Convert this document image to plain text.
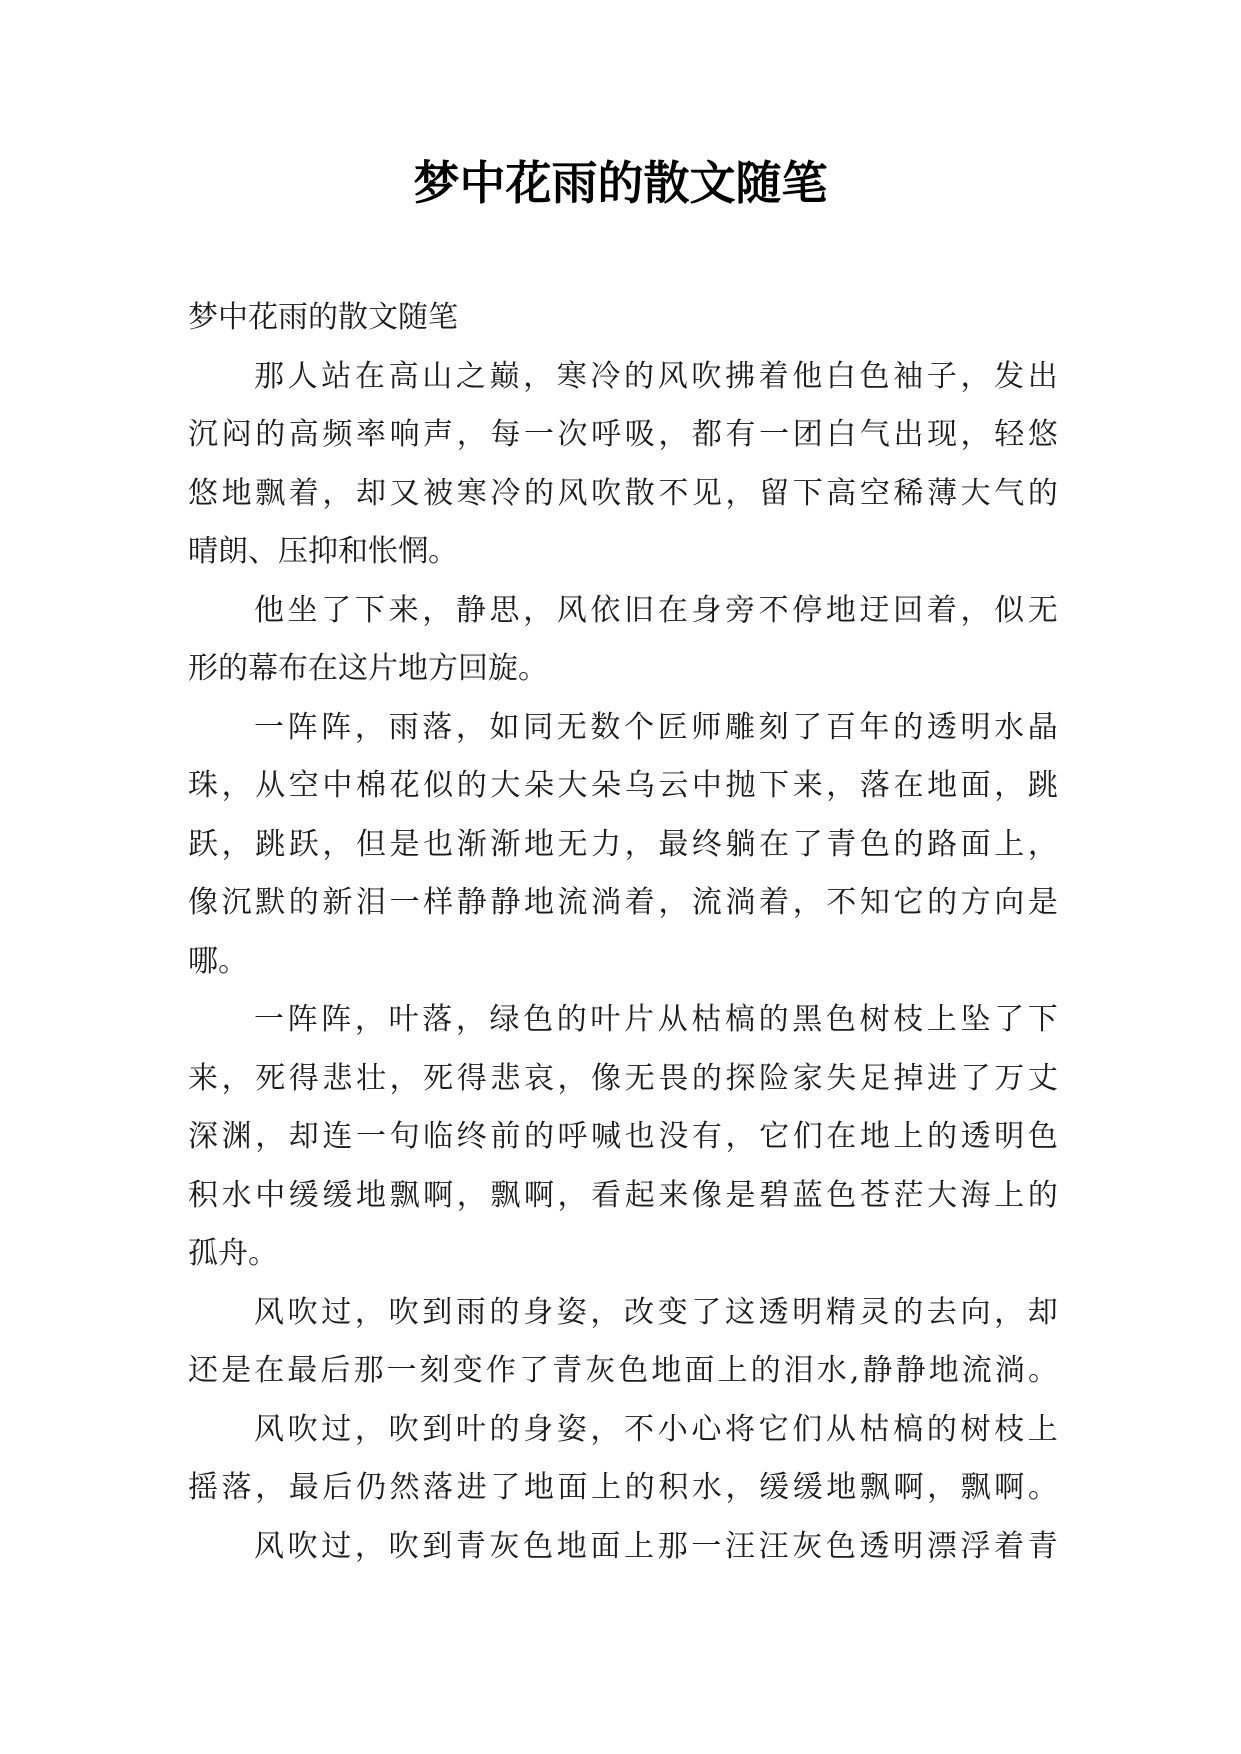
梦中花雨的散文随笔
梦 中 花 雨 的 散 文 随 笔
那 人 站 在 高 山 之 巅 ， 寒 冷 的 风 吹 拂 着 他 白 色 袖 子 ， 发 出
沉 闷 的 高 频 率 响 声 ， 每 一 次 呼 吸 ， 都 有 一 团 白 气 出 现 ， 轻 悠
悠 地 飘 着 ， 却 又 被 寒 冷 的 风 吹 散 不 见 ， 留 下 高 空 稀 薄 大 气 的
晴 朗 、 压 抑 和 怅 惘 。
他 坐 了 下 来 ， 静 思 ， 风 依 旧 在 身 旁 不 停 地 迂 回 着 ， 似 无
形 的 幕 布 在 这 片 地 方 回 旋 。
一 阵 阵 ， 雨 落 ， 如 同 无 数 个 匠 师 雕 刻 了 百 年 的 透 明 水 晶
珠 ， 从 空 中 棉 花 似 的 大 朵 大 朵 乌 云 中 抛 下 来 ， 落 在 地 面 ， 跳
跃 ， 跳 跃 ， 但 是 也 渐 渐 地 无 力 ， 最 终 躺 在 了 青 色 的 路 面 上 ，
像 沉 默 的 新 泪 一 样 静 静 地 流 淌 着 ， 流 淌 着 ， 不 知 它 的 方 向 是
哪 。
一 阵 阵 ， 叶 落 ， 绿 色 的 叶 片 从 枯 槁 的 黑 色 树 枝 上 坠 了 下
来 ， 死 得 悲 壮 ， 死 得 悲 哀 ， 像 无 畏 的 探 险 家 失 足 掉 进 了 万 丈
深 渊 ， 却 连 一 句 临 终 前 的 呼 喊 也 没 有 ， 它 们 在 地 上 的 透 明 色
积 水 中 缓 缓 地 飘 啊 ， 飘 啊 ， 看 起 来 像 是 碧 蓝 色 苍 茫 大 海 上 的
孤 舟 。
风 吹 过 ， 吹 到 雨 的 身 姿 ， 改 变 了 这 透 明 精 灵 的 去 向 ， 却
还 是 在 最 后 那 一 刻 变 作 了 青 灰 色 地 面 上 的 泪 水 , 静 静 地 流 淌 。
风 吹 过 ， 吹 到 叶 的 身 姿 ， 不 小 心 将 它 们 从 枯 槁 的 树 枝 上
摇 落 ， 最 后 仍 然 落 进 了 地 面 上 的 积 水 ， 缓 缓 地 飘 啊 ， 飘 啊 。
风 吹 过 ， 吹 到 青 灰 色 地 面 上 那 一 汪 汪 灰 色 透 明 漂 浮 着 青
